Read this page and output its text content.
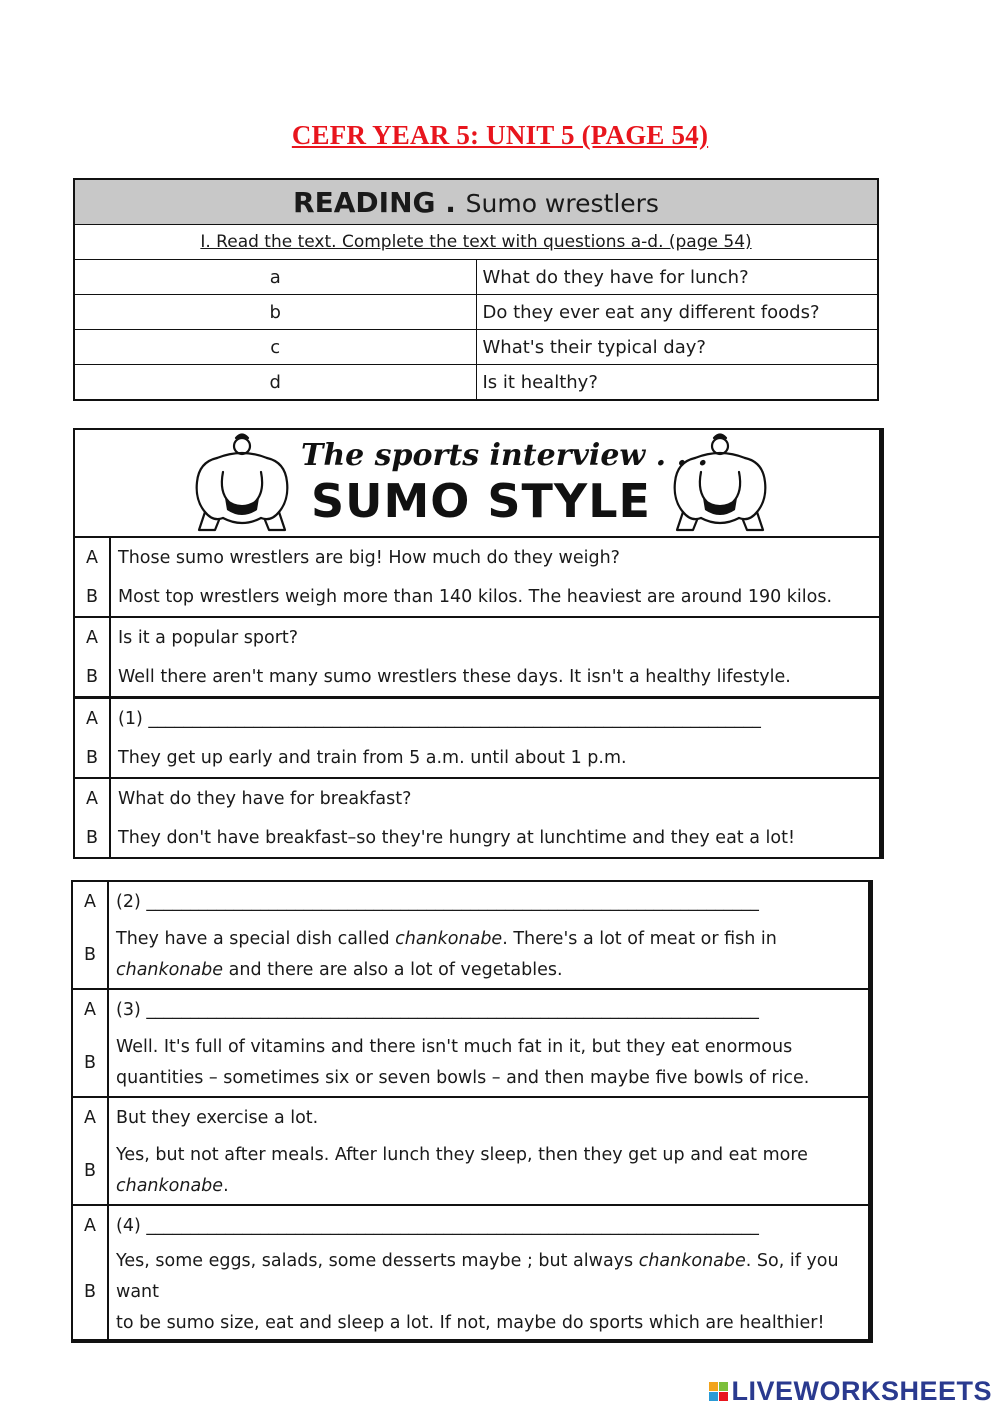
CEFR YEAR 5: UNIT 5 (PAGE 54)
READING . Sumo wrestlers	
I. Read the text. Complete the text with questions a-d. (page 54)	
a	What do they have for lunch?
b	Do they ever eat any different foods?
c	What's their typical day?
d	Is it healthy?
The sports interview . . .
SUMO STYLE
A	Those sumo wrestlers are big! How much do they weigh?
B	Most top wrestlers weigh more than 140 kilos. The heaviest are around 190 kilos.
A	Is it a popular sport?
B	Well there aren't many sumo wrestlers these days. It isn't a healthy lifestyle.
A	(1) ______________________________________________________________________
B	They get up early and train from 5 a.m. until about 1 p.m.
A	What do they have for breakfast?
B	They don't have breakfast–so they're hungry at lunchtime and they eat a lot!
A	(2) ______________________________________________________________________
B	They have a special dish called chankonabe. There's a lot of meat or fish in
chankonabe and there are also a lot of vegetables.
A	(3) ______________________________________________________________________
B	Well. It's full of vitamins and there isn't much fat in it, but they eat enormous
quantities – sometimes six or seven bowls – and then maybe five bowls of rice.
A	But they exercise a lot.
B	Yes, but not after meals. After lunch they sleep, then they get up and eat more
chankonabe.
A	(4) ______________________________________________________________________
B	Yes, some eggs, salads, some desserts maybe ; but always chankonabe. So, if you want
to be sumo size, eat and sleep a lot. If not, maybe do sports which are healthier!
LIVEWORKSHEETS
